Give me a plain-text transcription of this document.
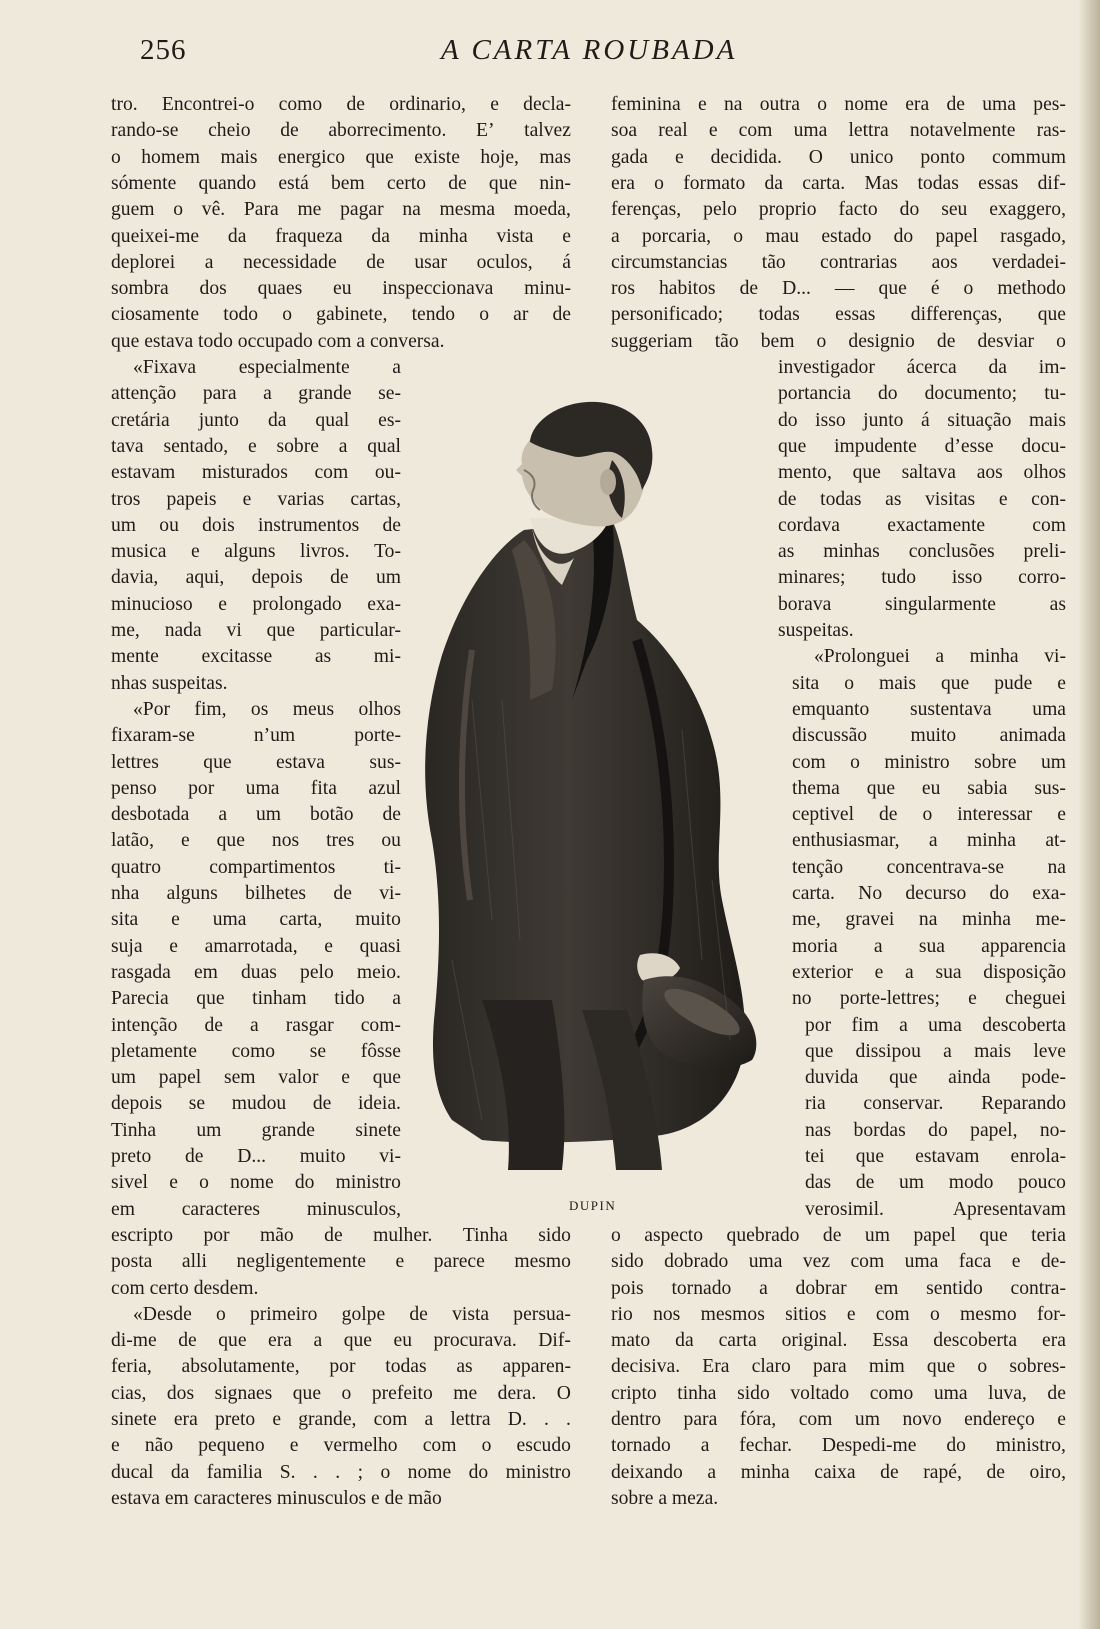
256	A CARTA ROUBADA
tro. Encontrei-o como de ordinario, e decla-
rando-se cheio de aborrecimento. E’ talvez
o homem mais energico que existe hoje, mas
sómente quando está bem certo de que nin-
guem o vê. Para me pagar na mesma moeda,
queixei-me da fraqueza da minha vista e
deplorei a necessidade de usar oculos, á
sombra dos quaes eu inspeccionava minu-
ciosamente todo o gabinete, tendo o ar de
que estava todo occupado com a conversa.
«Fixava especialmente a
attenção para a grande se-
cretária junto da qual es-
tava sentado, e sobre a qual
estavam misturados com ou-
tros papeis e varias cartas,
um ou dois instrumentos de
musica e alguns livros. To-
davia, aqui, depois de um
minucioso e prolongado exa-
me, nada vi que particular-
mente excitasse as mi-
nhas suspeitas.
«Por fim, os meus olhos
fixaram-se	n’um	porte-
lettres que estava sus-
penso por uma fita azul
desbotada a um botão de
latão, e que nos tres ou
quatro compartimentos ti-
nha alguns bilhetes de vi-
sita e uma carta, muito
suja e amarrotada, e quasi
rasgada em duas pelo meio.
Parecia que tinham tido a
intenção de a rasgar com-
pletamente como se fôsse
um papel sem valor e que
depois se mudou de ideia.
Tinha um grande sinete
preto de D... muito vi-
sivel e o nome do ministro
em caracteres minusculos,
escripto por mão de mulher. Tinha sido
posta alli negligentemente e parece mesmo
com certo desdem.
«Desde o primeiro golpe de vista persua-
di-me de que era a que eu procurava. Dif-
feria, absolutamente, por todas as apparen-
cias, dos signaes que o prefeito me dera. O
sinete era preto e grande, com a lettra D. . .
e não pequeno e vermelho com o escudo
ducal da familia S. . . ; o nome do ministro
estava em caracteres minusculos e de mão
feminina e na outra o nome era de uma pes-
soa real e com uma lettra notavelmente ras-
gada e decidida. O unico ponto commum
era o formato da carta. Mas todas essas dif-
ferenças, pelo proprio facto do seu exaggero,
a porcaria, o mau estado do papel rasgado,
circumstancias tão contrarias aos verdadei-
ros habitos de D... — que é o methodo
personificado; todas essas differenças, que
suggeriam tão bem o designio de desviar o
investigador ácerca da im-
portancia do documento; tu-
do isso junto á situação mais
que impudente d’esse docu-
mento, que saltava aos olhos
de todas as visitas e con-
cordava exactamente com
as minhas conclusões preli-
minares; tudo isso corro-
borava	singularmente	as
suspeitas.
«Prolonguei a minha vi-
sita o mais que pude e
emquanto sustentava uma
discussão muito animada
com o ministro sobre um
thema que eu sabia sus-
ceptivel de o interessar e
enthusiasmar, a minha at-
tenção concentrava-se na
carta. No decurso do exa-
me, gravei na minha me-
moria a sua apparencia
exterior e a sua disposição
no porte-lettres; e cheguei
por fim a uma descoberta
que dissipou a mais leve
duvida que ainda pode-
ria conservar. Reparando
nas bordas do papel, no-
tei que estavam enrola-
das de um modo pouco
verosimil.	Apresentavam
o aspecto quebrado de um papel que teria
sido dobrado uma vez com uma faca e de-
pois tornado a dobrar em sentido contra-
rio nos mesmos sitios e com o mesmo for-
mato da carta original. Essa descoberta era
decisiva. Era claro para mim que o sobres-
cripto tinha sido voltado como uma luva, de
dentro para fóra, com um novo endereço e
tornado a fechar. Despedi-me do ministro,
deixando a minha caixa de rapé, de oiro,
sobre a meza.
DUPIN
